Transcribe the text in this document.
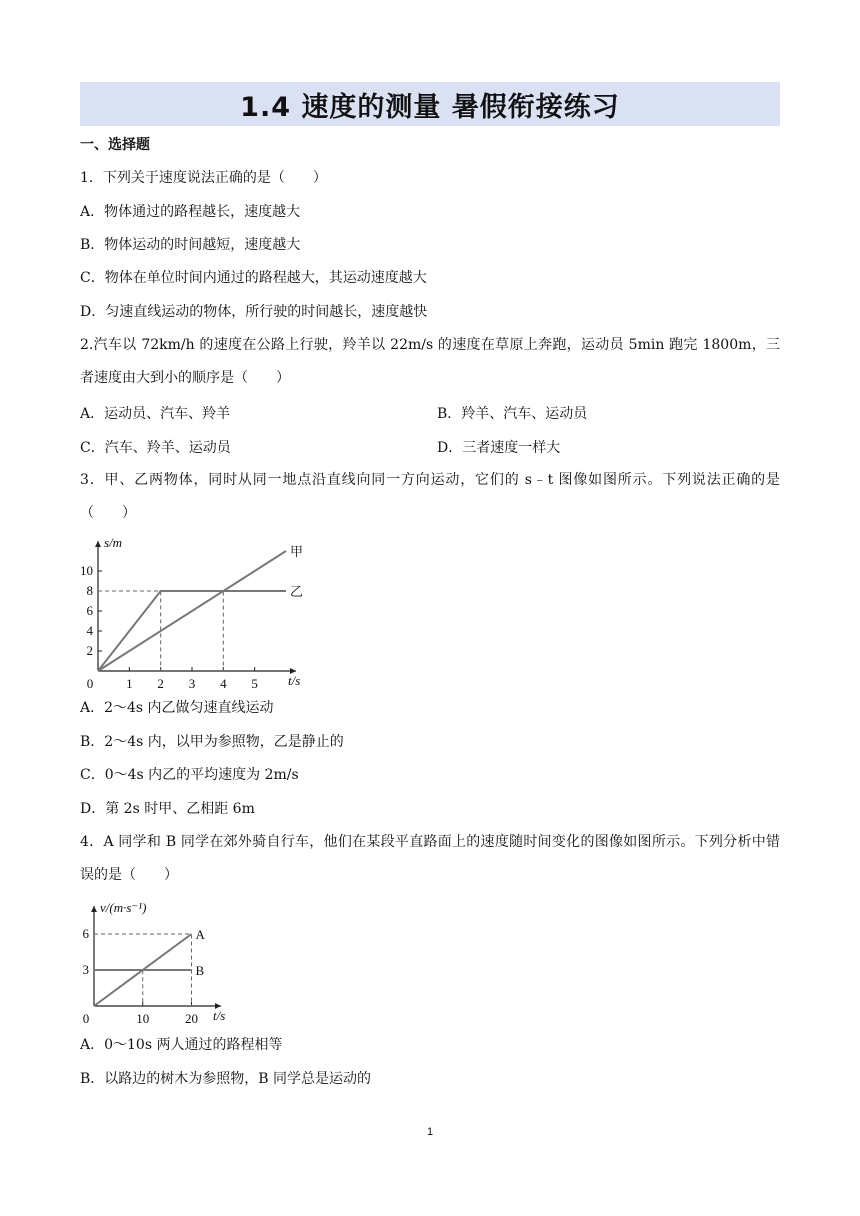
1.4 速度的测量 暑假衔接练习
一、选择题
1．下列关于速度说法正确的是（　　）
A．物体通过的路程越长，速度越大
B．物体运动的时间越短，速度越大
C．物体在单位时间内通过的路程越大，其运动速度越大
D．匀速直线运动的物体，所行驶的时间越长，速度越快
2.汽车以 72km/h 的速度在公路上行驶，羚羊以 22m/s 的速度在草原上奔跑，运动员 5min 跑完 1800m，三者速度由大到小的顺序是（　　）
A．运动员、汽车、羚羊	B．羚羊、汽车、运动员
C．汽车、羚羊、运动员	D．三者速度一样大
3．甲、乙两物体，同时从同一地点沿直线向同一方向运动，它们的 s﹣t 图像如图所示。下列说法正确的是（　　）
t/s
s/m
0	1 2 3 4 5
2
4
6
8
10
甲
乙
A．2～4s 内乙做匀速直线运动
B．2～4s 内，以甲为参照物，乙是静止的
C．0～4s 内乙的平均速度为 2m/s
D．第 2s 时甲、乙相距 6m
4．A 同学和 B 同学在郊外骑自行车，他们在某段平直路面上的速度随时间变化的图像如图所示。下列分析中错误的是（　　）
t/s
v/(m·s⁻¹)
0	10	20
3
6	A
B
A．0～10s 两人通过的路程相等
B．以路边的树木为参照物，B 同学总是运动的
1
